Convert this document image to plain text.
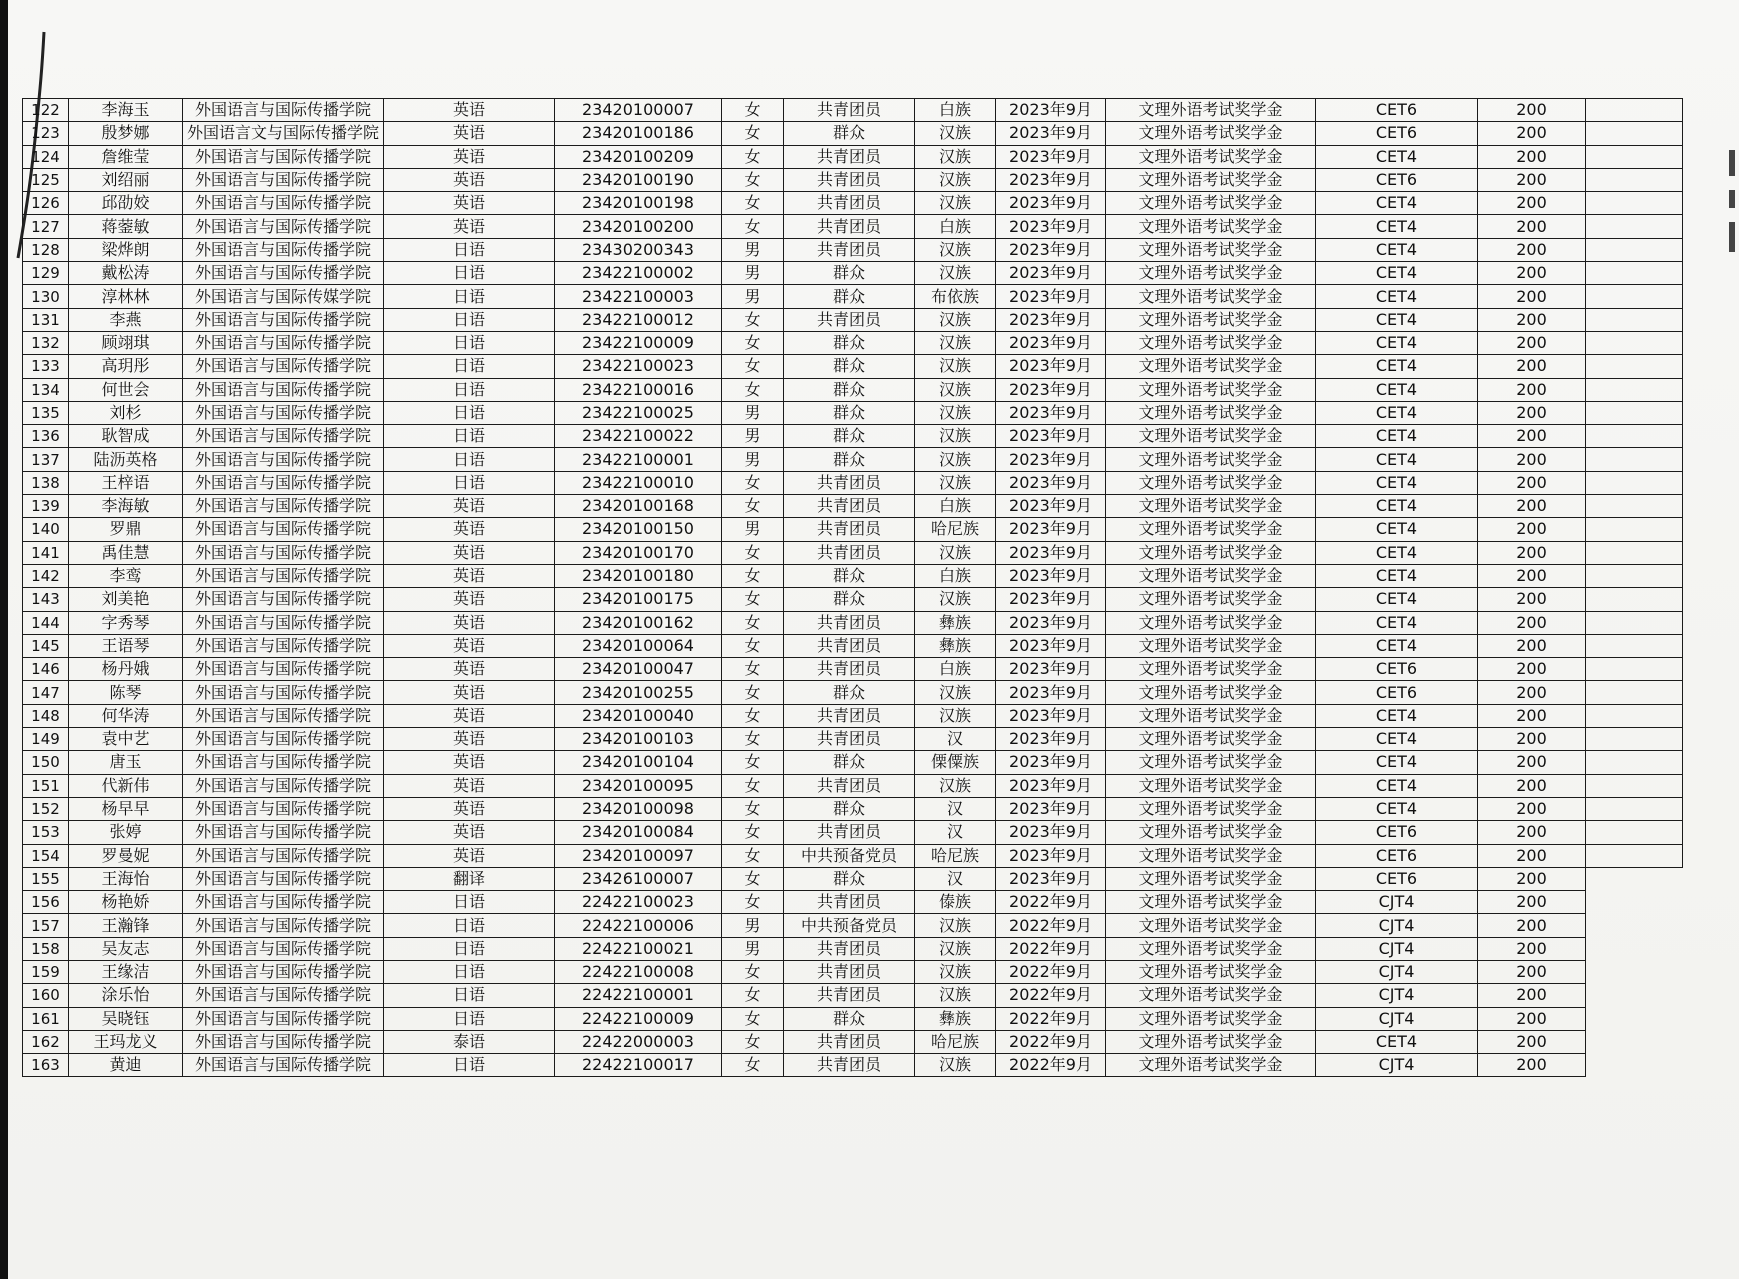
122	李海玉	外国语言与国际传播学院	英语	23420100007	女	共青团员	白族	2023年9月	文理外语考试奖学金	CET6	200	
123	殷梦娜	外国语言文与国际传播学院	英语	23420100186	女	群众	汉族	2023年9月	文理外语考试奖学金	CET6	200	
124	詹维莹	外国语言与国际传播学院	英语	23420100209	女	共青团员	汉族	2023年9月	文理外语考试奖学金	CET4	200	
125	刘绍丽	外国语言与国际传播学院	英语	23420100190	女	共青团员	汉族	2023年9月	文理外语考试奖学金	CET6	200	
126	邱劭姣	外国语言与国际传播学院	英语	23420100198	女	共青团员	汉族	2023年9月	文理外语考试奖学金	CET4	200	
127	蒋蓥敏	外国语言与国际传播学院	英语	23420100200	女	共青团员	白族	2023年9月	文理外语考试奖学金	CET4	200	
128	梁烨朗	外国语言与国际传播学院	日语	23430200343	男	共青团员	汉族	2023年9月	文理外语考试奖学金	CET4	200	
129	戴松涛	外国语言与国际传播学院	日语	23422100002	男	群众	汉族	2023年9月	文理外语考试奖学金	CET4	200	
130	淳林林	外国语言与国际传媒学院	日语	23422100003	男	群众	布依族	2023年9月	文理外语考试奖学金	CET4	200	
131	李燕	外国语言与国际传播学院	日语	23422100012	女	共青团员	汉族	2023年9月	文理外语考试奖学金	CET4	200	
132	顾翊琪	外国语言与国际传播学院	日语	23422100009	女	群众	汉族	2023年9月	文理外语考试奖学金	CET4	200	
133	高玥彤	外国语言与国际传播学院	日语	23422100023	女	群众	汉族	2023年9月	文理外语考试奖学金	CET4	200	
134	何世会	外国语言与国际传播学院	日语	23422100016	女	群众	汉族	2023年9月	文理外语考试奖学金	CET4	200	
135	刘杉	外国语言与国际传播学院	日语	23422100025	男	群众	汉族	2023年9月	文理外语考试奖学金	CET4	200	
136	耿智成	外国语言与国际传播学院	日语	23422100022	男	群众	汉族	2023年9月	文理外语考试奖学金	CET4	200	
137	陆沥英格	外国语言与国际传播学院	日语	23422100001	男	群众	汉族	2023年9月	文理外语考试奖学金	CET4	200	
138	王梓语	外国语言与国际传播学院	日语	23422100010	女	共青团员	汉族	2023年9月	文理外语考试奖学金	CET4	200	
139	李海敏	外国语言与国际传播学院	英语	23420100168	女	共青团员	白族	2023年9月	文理外语考试奖学金	CET4	200	
140	罗鼎	外国语言与国际传播学院	英语	23420100150	男	共青团员	哈尼族	2023年9月	文理外语考试奖学金	CET4	200	
141	禹佳慧	外国语言与国际传播学院	英语	23420100170	女	共青团员	汉族	2023年9月	文理外语考试奖学金	CET4	200	
142	李鸾	外国语言与国际传播学院	英语	23420100180	女	群众	白族	2023年9月	文理外语考试奖学金	CET4	200	
143	刘美艳	外国语言与国际传播学院	英语	23420100175	女	群众	汉族	2023年9月	文理外语考试奖学金	CET4	200	
144	字秀琴	外国语言与国际传播学院	英语	23420100162	女	共青团员	彝族	2023年9月	文理外语考试奖学金	CET4	200	
145	王语琴	外国语言与国际传播学院	英语	23420100064	女	共青团员	彝族	2023年9月	文理外语考试奖学金	CET4	200	
146	杨丹娥	外国语言与国际传播学院	英语	23420100047	女	共青团员	白族	2023年9月	文理外语考试奖学金	CET6	200	
147	陈琴	外国语言与国际传播学院	英语	23420100255	女	群众	汉族	2023年9月	文理外语考试奖学金	CET6	200	
148	何华涛	外国语言与国际传播学院	英语	23420100040	女	共青团员	汉族	2023年9月	文理外语考试奖学金	CET4	200	
149	袁中艺	外国语言与国际传播学院	英语	23420100103	女	共青团员	汉	2023年9月	文理外语考试奖学金	CET4	200	
150	唐玉	外国语言与国际传播学院	英语	23420100104	女	群众	傈僳族	2023年9月	文理外语考试奖学金	CET4	200	
151	代新伟	外国语言与国际传播学院	英语	23420100095	女	共青团员	汉族	2023年9月	文理外语考试奖学金	CET4	200	
152	杨早早	外国语言与国际传播学院	英语	23420100098	女	群众	汉	2023年9月	文理外语考试奖学金	CET4	200	
153	张婷	外国语言与国际传播学院	英语	23420100084	女	共青团员	汉	2023年9月	文理外语考试奖学金	CET6	200	
154	罗曼妮	外国语言与国际传播学院	英语	23420100097	女	中共预备党员	哈尼族	2023年9月	文理外语考试奖学金	CET6	200	
155	王海怡	外国语言与国际传播学院	翻译	23426100007	女	群众	汉	2023年9月	文理外语考试奖学金	CET6	200	
156	杨艳娇	外国语言与国际传播学院	日语	22422100023	女	共青团员	傣族	2022年9月	文理外语考试奖学金	CJT4	200	
157	王瀚锋	外国语言与国际传播学院	日语	22422100006	男	中共预备党员	汉族	2022年9月	文理外语考试奖学金	CJT4	200	
158	吴友志	外国语言与国际传播学院	日语	22422100021	男	共青团员	汉族	2022年9月	文理外语考试奖学金	CJT4	200	
159	王缘洁	外国语言与国际传播学院	日语	22422100008	女	共青团员	汉族	2022年9月	文理外语考试奖学金	CJT4	200	
160	涂乐怡	外国语言与国际传播学院	日语	22422100001	女	共青团员	汉族	2022年9月	文理外语考试奖学金	CJT4	200	
161	吴晓钰	外国语言与国际传播学院	日语	22422100009	女	群众	彝族	2022年9月	文理外语考试奖学金	CJT4	200	
162	王玛龙义	外国语言与国际传播学院	泰语	22422000003	女	共青团员	哈尼族	2022年9月	文理外语考试奖学金	CET4	200	
163	黄迪	外国语言与国际传播学院	日语	22422100017	女	共青团员	汉族	2022年9月	文理外语考试奖学金	CJT4	200	
